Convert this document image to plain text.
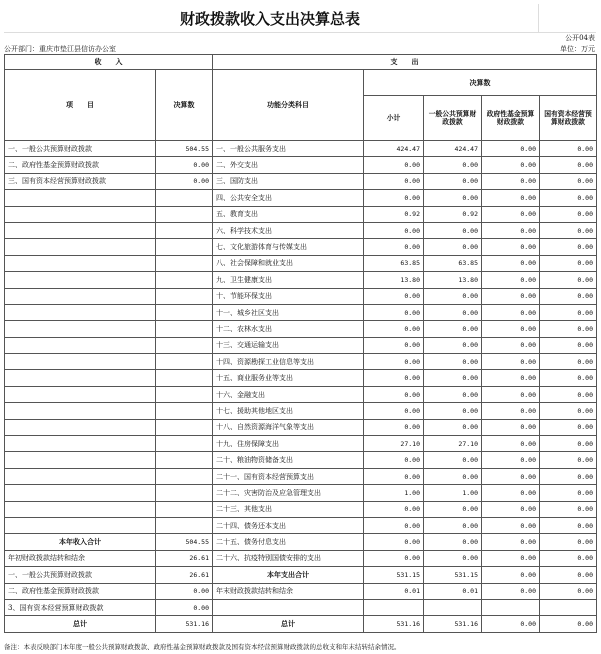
财政拨款收入支出决算总表
公开04表
公开部门：重庆市垫江县信访办公室	单位：万元
收　　入		支　　出				
项　　目	决算数	功能分类科目	决算数			
			小计	一般公共预算财政拨款	政府性基金预算财政拨款	国有资本经营预算财政拨款
一、一般公共预算财政拨款	504.55	一、一般公共服务支出	424.47	424.47	0.00	0.00
二、政府性基金预算财政拨款	0.00	二、外交支出	0.00	0.00	0.00	0.00
三、国有资本经营预算财政拨款	0.00	三、国防支出	0.00	0.00	0.00	0.00
		四、公共安全支出	0.00	0.00	0.00	0.00
		五、教育支出	0.92	0.92	0.00	0.00
		六、科学技术支出	0.00	0.00	0.00	0.00
		七、文化旅游体育与传媒支出	0.00	0.00	0.00	0.00
		八、社会保障和就业支出	63.85	63.85	0.00	0.00
		九、卫生健康支出	13.80	13.80	0.00	0.00
		十、节能环保支出	0.00	0.00	0.00	0.00
		十一、城乡社区支出	0.00	0.00	0.00	0.00
		十二、农林水支出	0.00	0.00	0.00	0.00
		十三、交通运输支出	0.00	0.00	0.00	0.00
		十四、资源勘探工业信息等支出	0.00	0.00	0.00	0.00
		十五、商业服务业等支出	0.00	0.00	0.00	0.00
		十六、金融支出	0.00	0.00	0.00	0.00
		十七、援助其他地区支出	0.00	0.00	0.00	0.00
		十八、自然资源海洋气象等支出	0.00	0.00	0.00	0.00
		十九、住房保障支出	27.10	27.10	0.00	0.00
		二十、粮油物资储备支出	0.00	0.00	0.00	0.00
		二十一、国有资本经营预算支出	0.00	0.00	0.00	0.00
		二十二、灾害防治及应急管理支出	1.00	1.00	0.00	0.00
		二十三、其他支出	0.00	0.00	0.00	0.00
		二十四、债务还本支出	0.00	0.00	0.00	0.00
本年收入合计	504.55	二十五、债务付息支出	0.00	0.00	0.00	0.00
年初财政拨款结转和结余	26.61	二十六、抗疫特别国债安排的支出	0.00	0.00	0.00	0.00
一、一般公共预算财政拨款	26.61	本年支出合计	531.15	531.15	0.00	0.00
二、政府性基金预算财政拨款	0.00	年末财政拨款结转和结余	0.01	0.01	0.00	0.00
3、国有资本经营预算财政拨款	0.00					
总计	531.16	总计	531.16	531.16	0.00	0.00
备注：本表反映部门本年度一般公共预算财政拨款、政府性基金预算财政拨款及国有资本经营预算财政拨款的总收支和年末结转结余情况。
